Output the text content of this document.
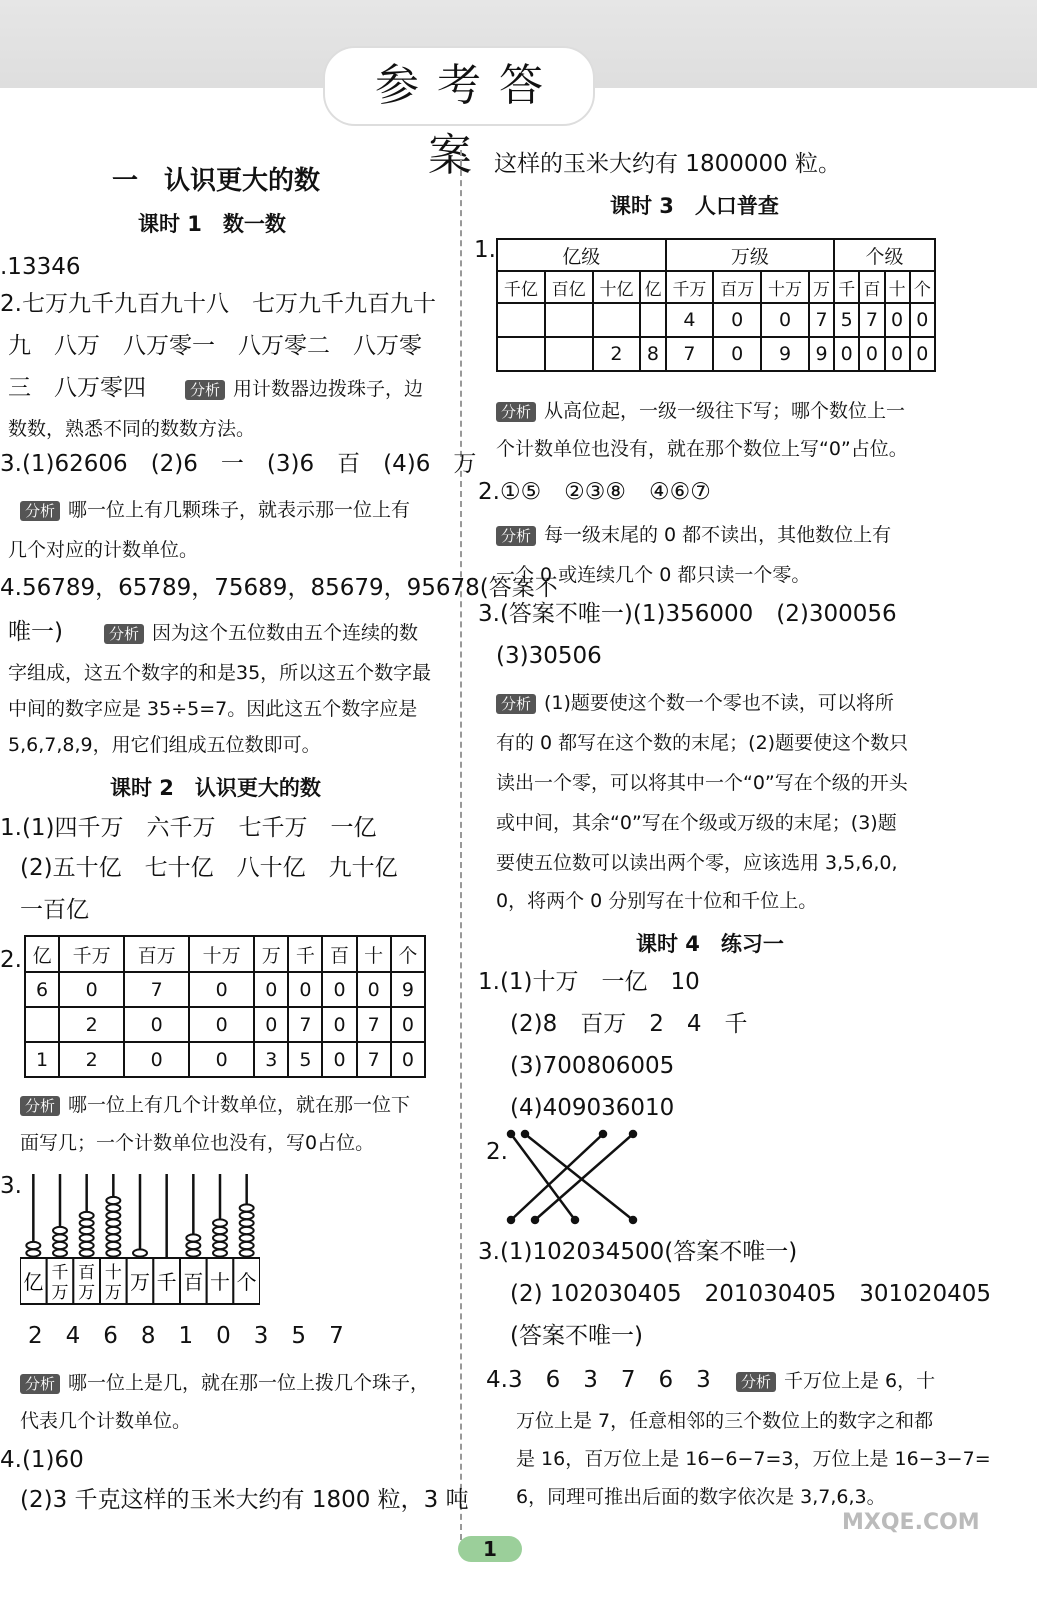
参考答案
一　认识更大的数
课时 1　数一数
.13346
2.七万九千九百九十八　七万九千九百九十
九　八万　八万零一　八万零二　八万零
三　八万零四	分析 用计数器边拨珠子，边
数数，熟悉不同的数数方法。
3.(1)62606　(2)6　一　(3)6　百　(4)6　万
分析 哪一位上有几颗珠子，就表示那一位上有
几个对应的计数单位。
4.56789，65789，75689，85679，95678(答案不
唯一)	分析 因为这个五位数由五个连续的数
字组成，这五个数字的和是35，所以这五个数字最
中间的数字应是 35÷5=7。因此这五个数字应是
5,6,7,8,9，用它们组成五位数即可。
课时 2　认识更大的数
1.(1)四千万　六千万　七千万　一亿
(2)五十亿　七十亿　八十亿　九十亿
一百亿
2. 亿	千万	百万	十万	万	千	百	十	个
6	0	7	0	0	0	0	0	9
	2	0	0	0	7	0	7	0
1	2	0	0	3	5	0	7	0
分析 哪一位上有几个计数单位，就在那一位下
面写几；一个计数单位也没有，写0占位。
3.
亿 千
万
百
万
十
万 万 千 百 十 个
2　4　6　8　1　0　3　5　7
分析 哪一位上是几，就在那一位上拨几个珠子，
代表几个计数单位。
4.(1)60
(2)3 千克这样的玉米大约有 1800 粒，3 吨
这样的玉米大约有 1800000 粒。
课时 3　人口普查
1.	亿级				万级				个级			
千亿	百亿	十亿	亿	千万	百万	十万	万	千	百	十	个
				4	0	0	7	5	7	0	0
		2	8	7	0	9	9	0	0	0	0
分析 从高位起，一级一级往下写；哪个数位上一
个计数单位也没有，就在那个数位上写“0”占位。
2.①⑤　②③⑧　④⑥⑦
分析 每一级末尾的 0 都不读出，其他数位上有
一个 0 或连续几个 0 都只读一个零。
3.(答案不唯一)(1)356000　(2)300056
(3)30506
分析 (1)题要使这个数一个零也不读，可以将所
有的 0 都写在这个数的末尾；(2)题要使这个数只
读出一个零，可以将其中一个“0”写在个级的开头
或中间，其余“0”写在个级或万级的末尾；(3)题
要使五位数可以读出两个零，应该选用 3,5,6,0,
0，将两个 0 分别写在十位和千位上。
课时 4　练习一
1.(1)十万　一亿　10
(2)8　百万　2　4　千
(3)700806005
(4)409036010
2.
3.(1)102034500(答案不唯一)
(2) 102030405　201030405　301020405
(答案不唯一)
4.3　6　3　7　6　3	分析 千万位上是 6，十
万位上是 7，任意相邻的三个数位上的数字之和都
是 16，百万位上是 16−6−7=3，万位上是 16−3−7=
6，同理可推出后面的数字依次是 3,7,6,3。
1
MXQE.COM
